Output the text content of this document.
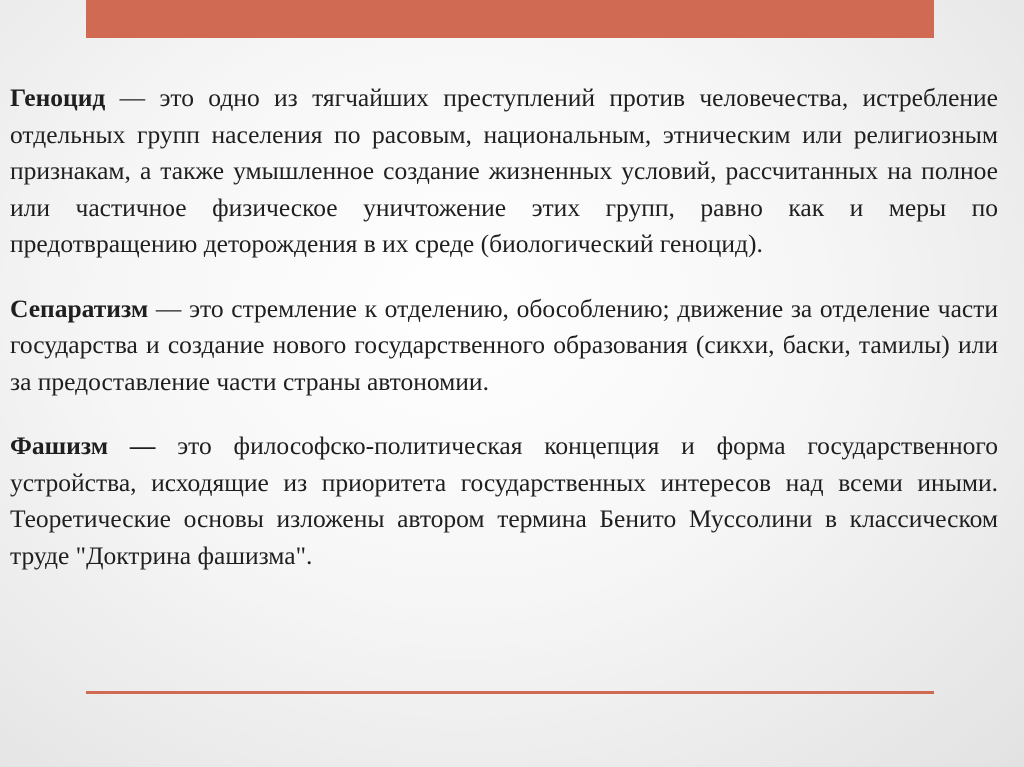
Геноцид — это одно из тягчайших преступлений против человечества, истребление отдельных групп населения по расовым, национальным, этническим или религиозным признакам, а также умышленное создание жизненных условий, рассчитанных на полное или частичное физическое уничтожение этих групп, равно как и меры по предотвращению деторождения в их среде (биологический геноцид).

Сепаратизм — это стремление к отделению, обособлению; движение за отделение части государства и создание нового государственного образования (сикхи, баски, тамилы) или за предоставление части страны автономии.

Фашизм — это философско-политическая концепция и форма государственного устройства, исходящие из приоритета государственных интересов над всеми иными. Теоретические основы изложены автором термина Бенито Муссолини в классическом труде "Доктрина фашизма".
